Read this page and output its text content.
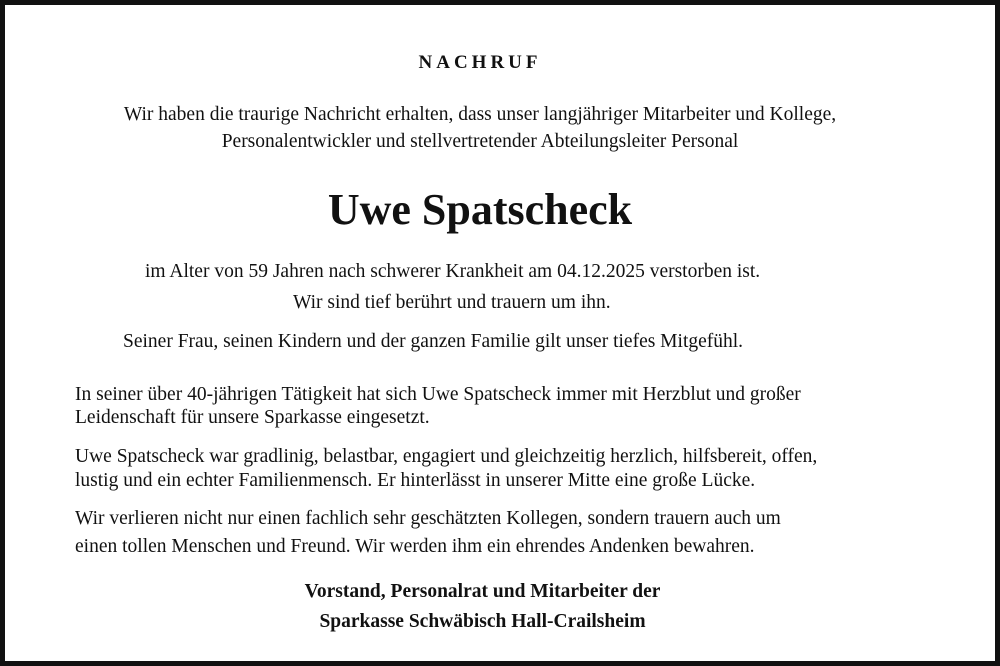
NACHRUF
Wir haben die traurige Nachricht erhalten, dass unser langjähriger Mitarbeiter und Kollege,
Personalentwickler und stellvertretender Abteilungsleiter Personal
Uwe Spatscheck
im Alter von 59 Jahren nach schwerer Krankheit am 04.12.2025 verstorben ist.
Wir sind tief berührt und trauern um ihn.
Seiner Frau, seinen Kindern und der ganzen Familie gilt unser tiefes Mitgefühl.
In seiner über 40-jährigen Tätigkeit hat sich Uwe Spatscheck immer mit Herzblut und großer
Leidenschaft für unsere Sparkasse eingesetzt.
Uwe Spatscheck war gradlinig, belastbar, engagiert und gleichzeitig herzlich, hilfsbereit, offen,
lustig und ein echter Familienmensch. Er hinterlässt in unserer Mitte eine große Lücke.
Wir verlieren nicht nur einen fachlich sehr geschätzten Kollegen, sondern trauern auch um
einen tollen Menschen und Freund. Wir werden ihm ein ehrendes Andenken bewahren.
Vorstand, Personalrat und Mitarbeiter der
Sparkasse Schwäbisch Hall-Crailsheim
